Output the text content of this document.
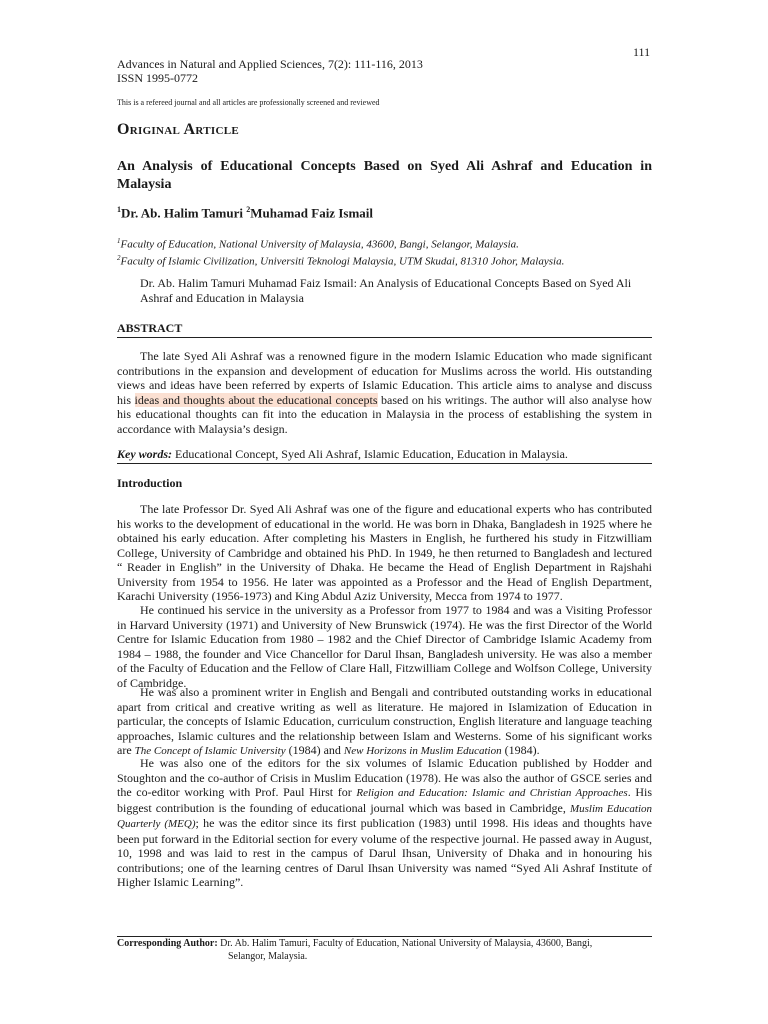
111
Advances in Natural and Applied Sciences, 7(2): 111-116, 2013
ISSN 1995-0772
This is a refereed journal and all articles are professionally screened and reviewed
Original Article
An Analysis of Educational Concepts Based on Syed Ali Ashraf and Education in Malaysia
$^1$Dr. Ab. Halim Tamuri $^2$Muhamad Faiz Ismail
$^1$Faculty of Education, National University of Malaysia, 43600, Bangi, Selangor, Malaysia.
$^2$Faculty of Islamic Civilization, Universiti Teknologi Malaysia, UTM Skudai, 81310 Johor, Malaysia.
Dr. Ab. Halim Tamuri Muhamad Faiz Ismail: An Analysis of Educational Concepts Based on Syed Ali Ashraf and Education in Malaysia
ABSTRACT
The late Syed Ali Ashraf was a renowned figure in the modern Islamic Education who made significant contributions in the expansion and development of education for Muslims across the world. His outstanding views and ideas have been referred by experts of Islamic Education. This article aims to analyse and discuss his ideas and thoughts about the educational concepts based on his writings. The author will also analyse how his educational thoughts can fit into the education in Malaysia in the process of establishing the system in accordance with Malaysia’s design.
Key words: Educational Concept, Syed Ali Ashraf, Islamic Education, Education in Malaysia.
Introduction
The late Professor Dr. Syed Ali Ashraf was one of the figure and educational experts who has contributed his works to the development of educational in the world. He was born in Dhaka, Bangladesh in 1925 where he obtained his early education. After completing his Masters in English, he furthered his study in Fitzwilliam College, University of Cambridge and obtained his PhD. In 1949, he then returned to Bangladesh and lectured “ Reader in English” in the University of Dhaka. He became the Head of English Department in Rajshahi University from 1954 to 1956. He later was appointed as a Professor and the Head of English Department, Karachi University (1956-1973) and King Abdul Aziz University, Mecca from 1974 to 1977.
He continued his service in the university as a Professor from 1977 to 1984 and was a Visiting Professor in Harvard University (1971) and University of New Brunswick (1974). He was the first Director of the World Centre for Islamic Education from 1980 – 1982 and the Chief Director of Cambridge Islamic Academy from 1984 – 1988, the founder and Vice Chancellor for Darul Ihsan, Bangladesh university. He was also a member of the Faculty of Education and the Fellow of Clare Hall, Fitzwilliam College and Wolfson College, University of Cambridge.
He was also a prominent writer in English and Bengali and contributed outstanding works in educational apart from critical and creative writing as well as literature. He majored in Islamization of Education in particular, the concepts of Islamic Education, curriculum construction, English literature and language teaching approaches, Islamic cultures and the relationship between Islam and Westerns. Some of his significant works are The Concept of Islamic University (1984) and New Horizons in Muslim Education (1984).
He was also one of the editors for the six volumes of Islamic Education published by Hodder and Stoughton and the co-author of Crisis in Muslim Education (1978). He was also the author of GSCE series and the co-editor working with Prof. Paul Hirst for Religion and Education: Islamic and Christian Approaches. His biggest contribution is the founding of educational journal which was based in Cambridge, Muslim Education Quarterly (MEQ); he was the editor since its first publication (1983) until 1998. His ideas and thoughts have been put forward in the Editorial section for every volume of the respective journal. He passed away in August, 10, 1998 and was laid to rest in the campus of Darul Ihsan, University of Dhaka and in honouring his contributions; one of the learning centres of Darul Ihsan University was named “Syed Ali Ashraf Institute of Higher Islamic Learning”.
Corresponding Author: Dr. Ab. Halim Tamuri, Faculty of Education, National University of Malaysia, 43600, Bangi,
Selangor, Malaysia.
